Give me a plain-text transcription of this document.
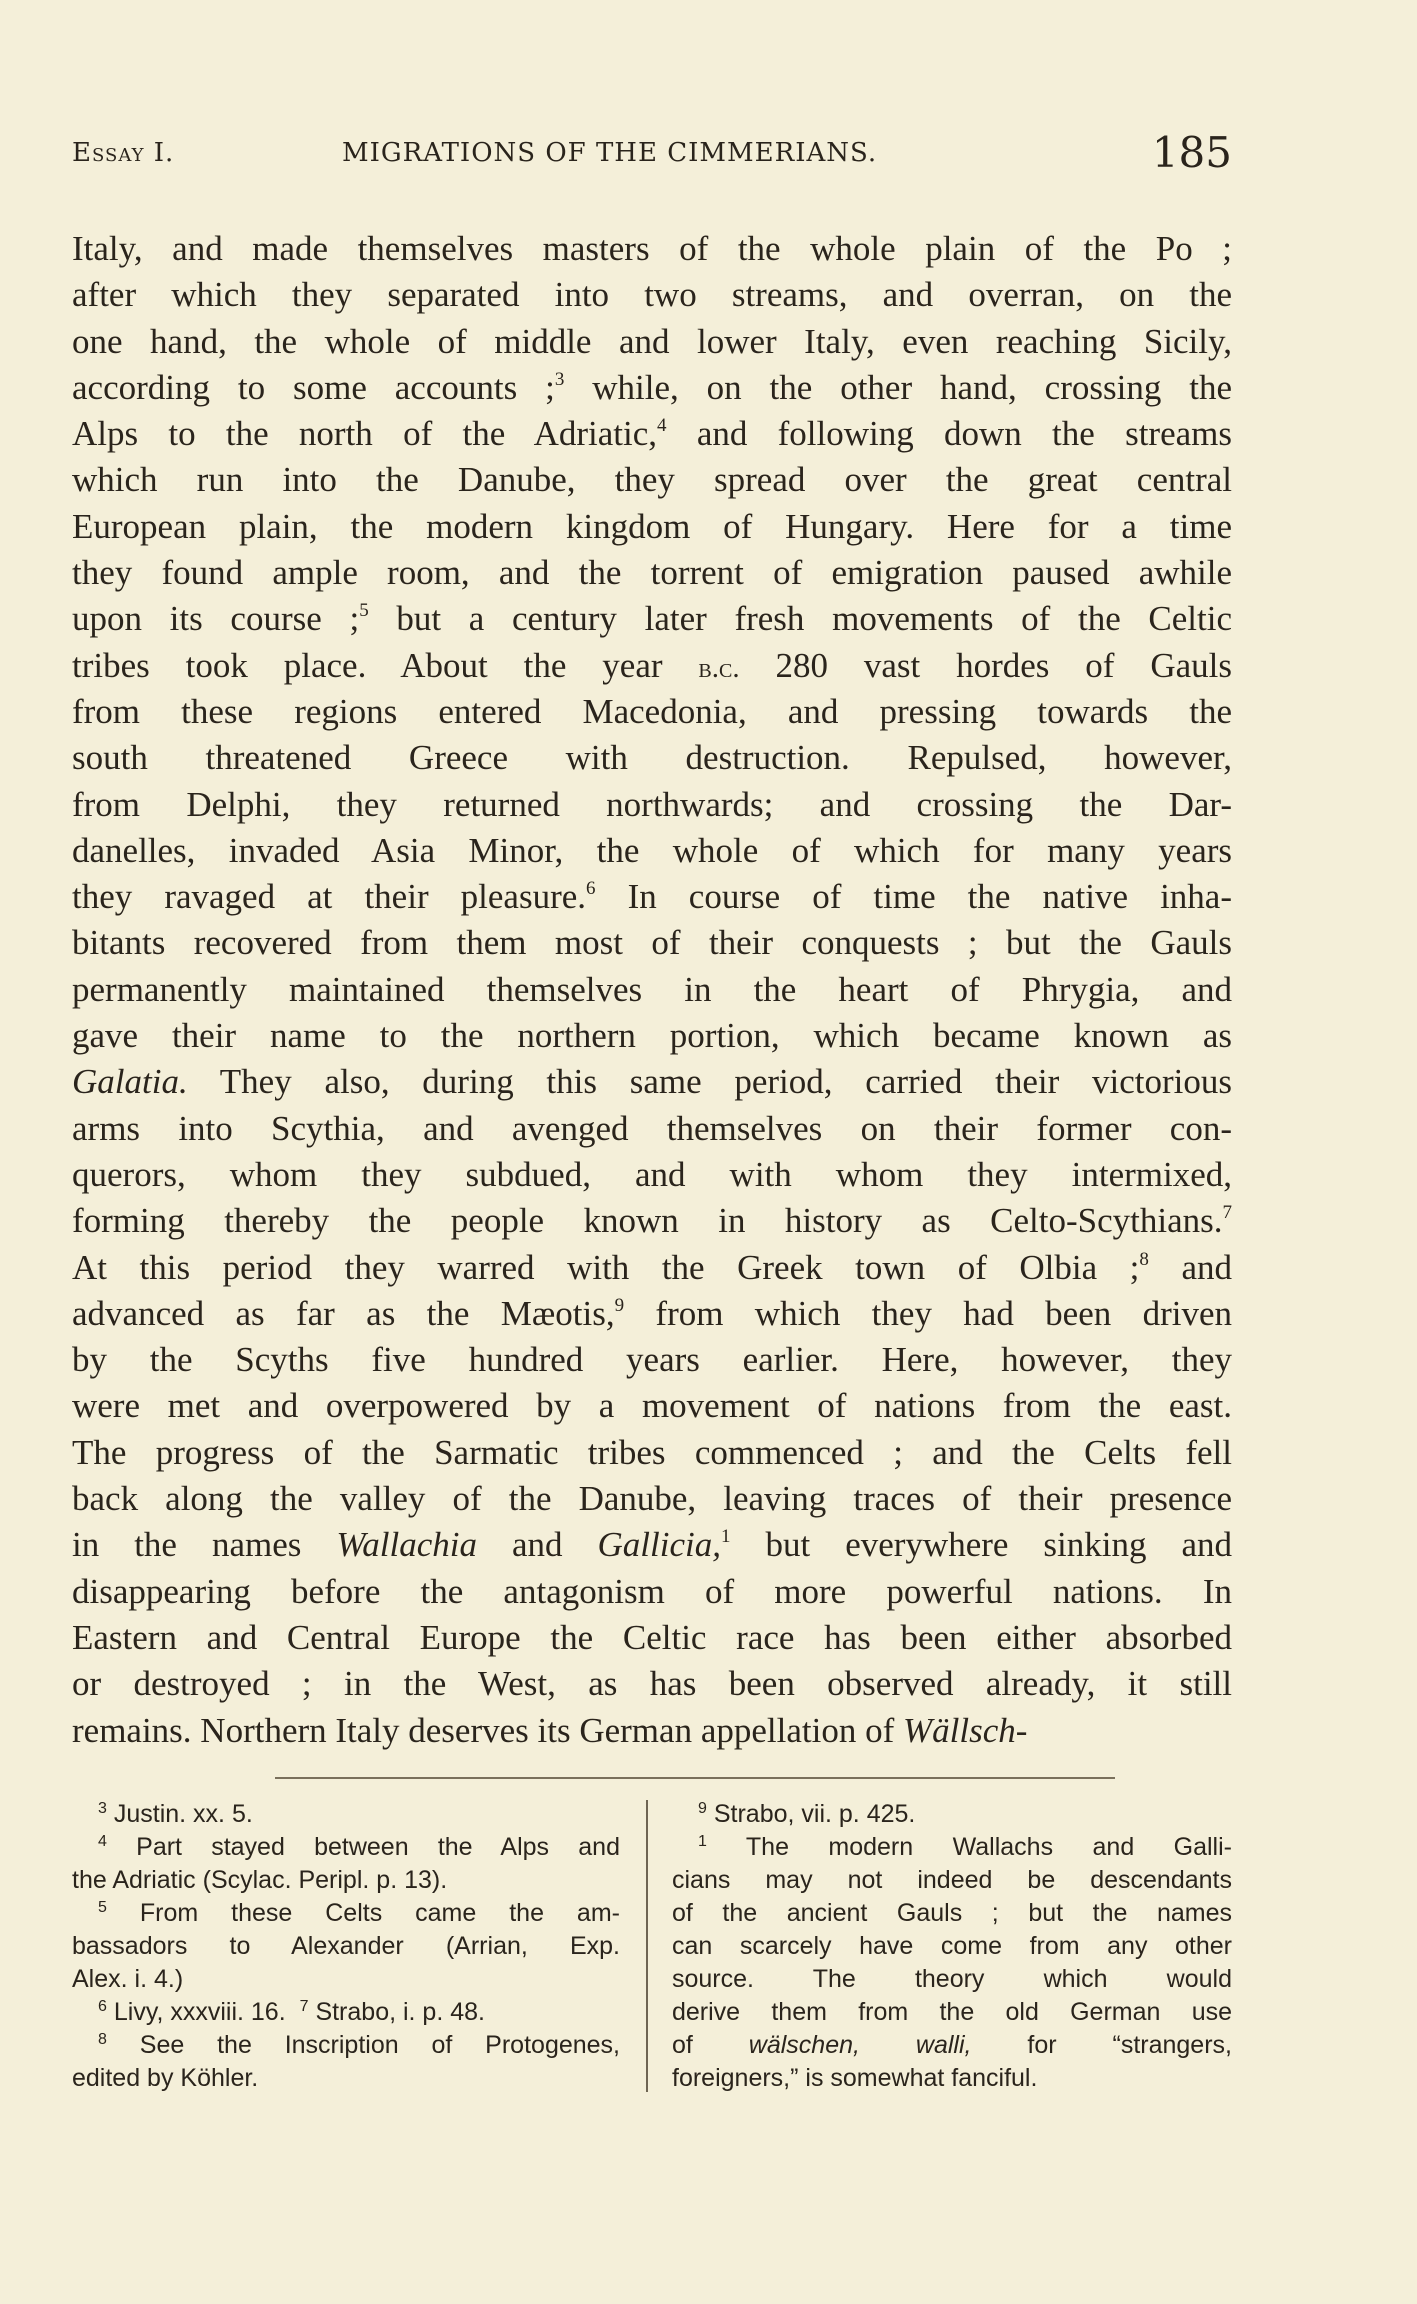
Essay I.	MIGRATIONS OF THE CIMMERIANS.	185
Italy, and made themselves masters of the whole plain of the Po ;
after which they separated into two streams, and overran, on the
one hand, the whole of middle and lower Italy, even reaching Sicily,
according to some accounts ;$^3$ while, on the other hand, crossing the
Alps to the north of the Adriatic,$^4$ and following down the streams
which run into the Danube, they spread over the great central
European plain, the modern kingdom of Hungary. Here for a time
they found ample room, and the torrent of emigration paused awhile
upon its course ;$^5$ but a century later fresh movements of the Celtic
tribes took place. About the year b.c. 280 vast hordes of Gauls
from these regions entered Macedonia, and pressing towards the
south threatened Greece with destruction. Repulsed, however,
from Delphi, they returned northwards; and crossing the Dar-
danelles, invaded Asia Minor, the whole of which for many years
they ravaged at their pleasure.$^6$ In course of time the native inha-
bitants recovered from them most of their conquests ; but the Gauls
permanently maintained themselves in the heart of Phrygia, and
gave their name to the northern portion, which became known as
Galatia. They also, during this same period, carried their victorious
arms into Scythia, and avenged themselves on their former con-
querors, whom they subdued, and with whom they intermixed,
forming thereby the people known in history as Celto-Scythians.$^7$
At this period they warred with the Greek town of Olbia ;$^8$ and
advanced as far as the Mæotis,$^9$ from which they had been driven
by the Scyths five hundred years earlier. Here, however, they
were met and overpowered by a movement of nations from the east.
The progress of the Sarmatic tribes commenced ; and the Celts fell
back along the valley of the Danube, leaving traces of their presence
in the names Wallachia and Gallicia,$^1$ but everywhere sinking and
disappearing before the antagonism of more powerful nations. In
Eastern and Central Europe the Celtic race has been either absorbed
or destroyed ; in the West, as has been observed already, it still
remains. Northern Italy deserves its German appellation of Wällsch-
$^3$ Justin. xx. 5.
$^4$ Part stayed between the Alps and
the Adriatic (Scylac. Peripl. p. 13).
$^5$ From these Celts came the am-
bassadors to Alexander (Arrian, Exp.
Alex. i. 4.)
$^6$ Livy, xxxviii. 16. $^7$ Strabo, i. p. 48.
$^8$ See the Inscription of Protogenes,
edited by Köhler.
$^9$ Strabo, vii. p. 425.
$^1$ The modern Wallachs and Galli-
cians may not indeed be descendants
of the ancient Gauls ; but the names
can scarcely have come from any other
source. The theory which would
derive them from the old German use
of wälschen, walli, for “strangers,
foreigners,” is somewhat fanciful.
